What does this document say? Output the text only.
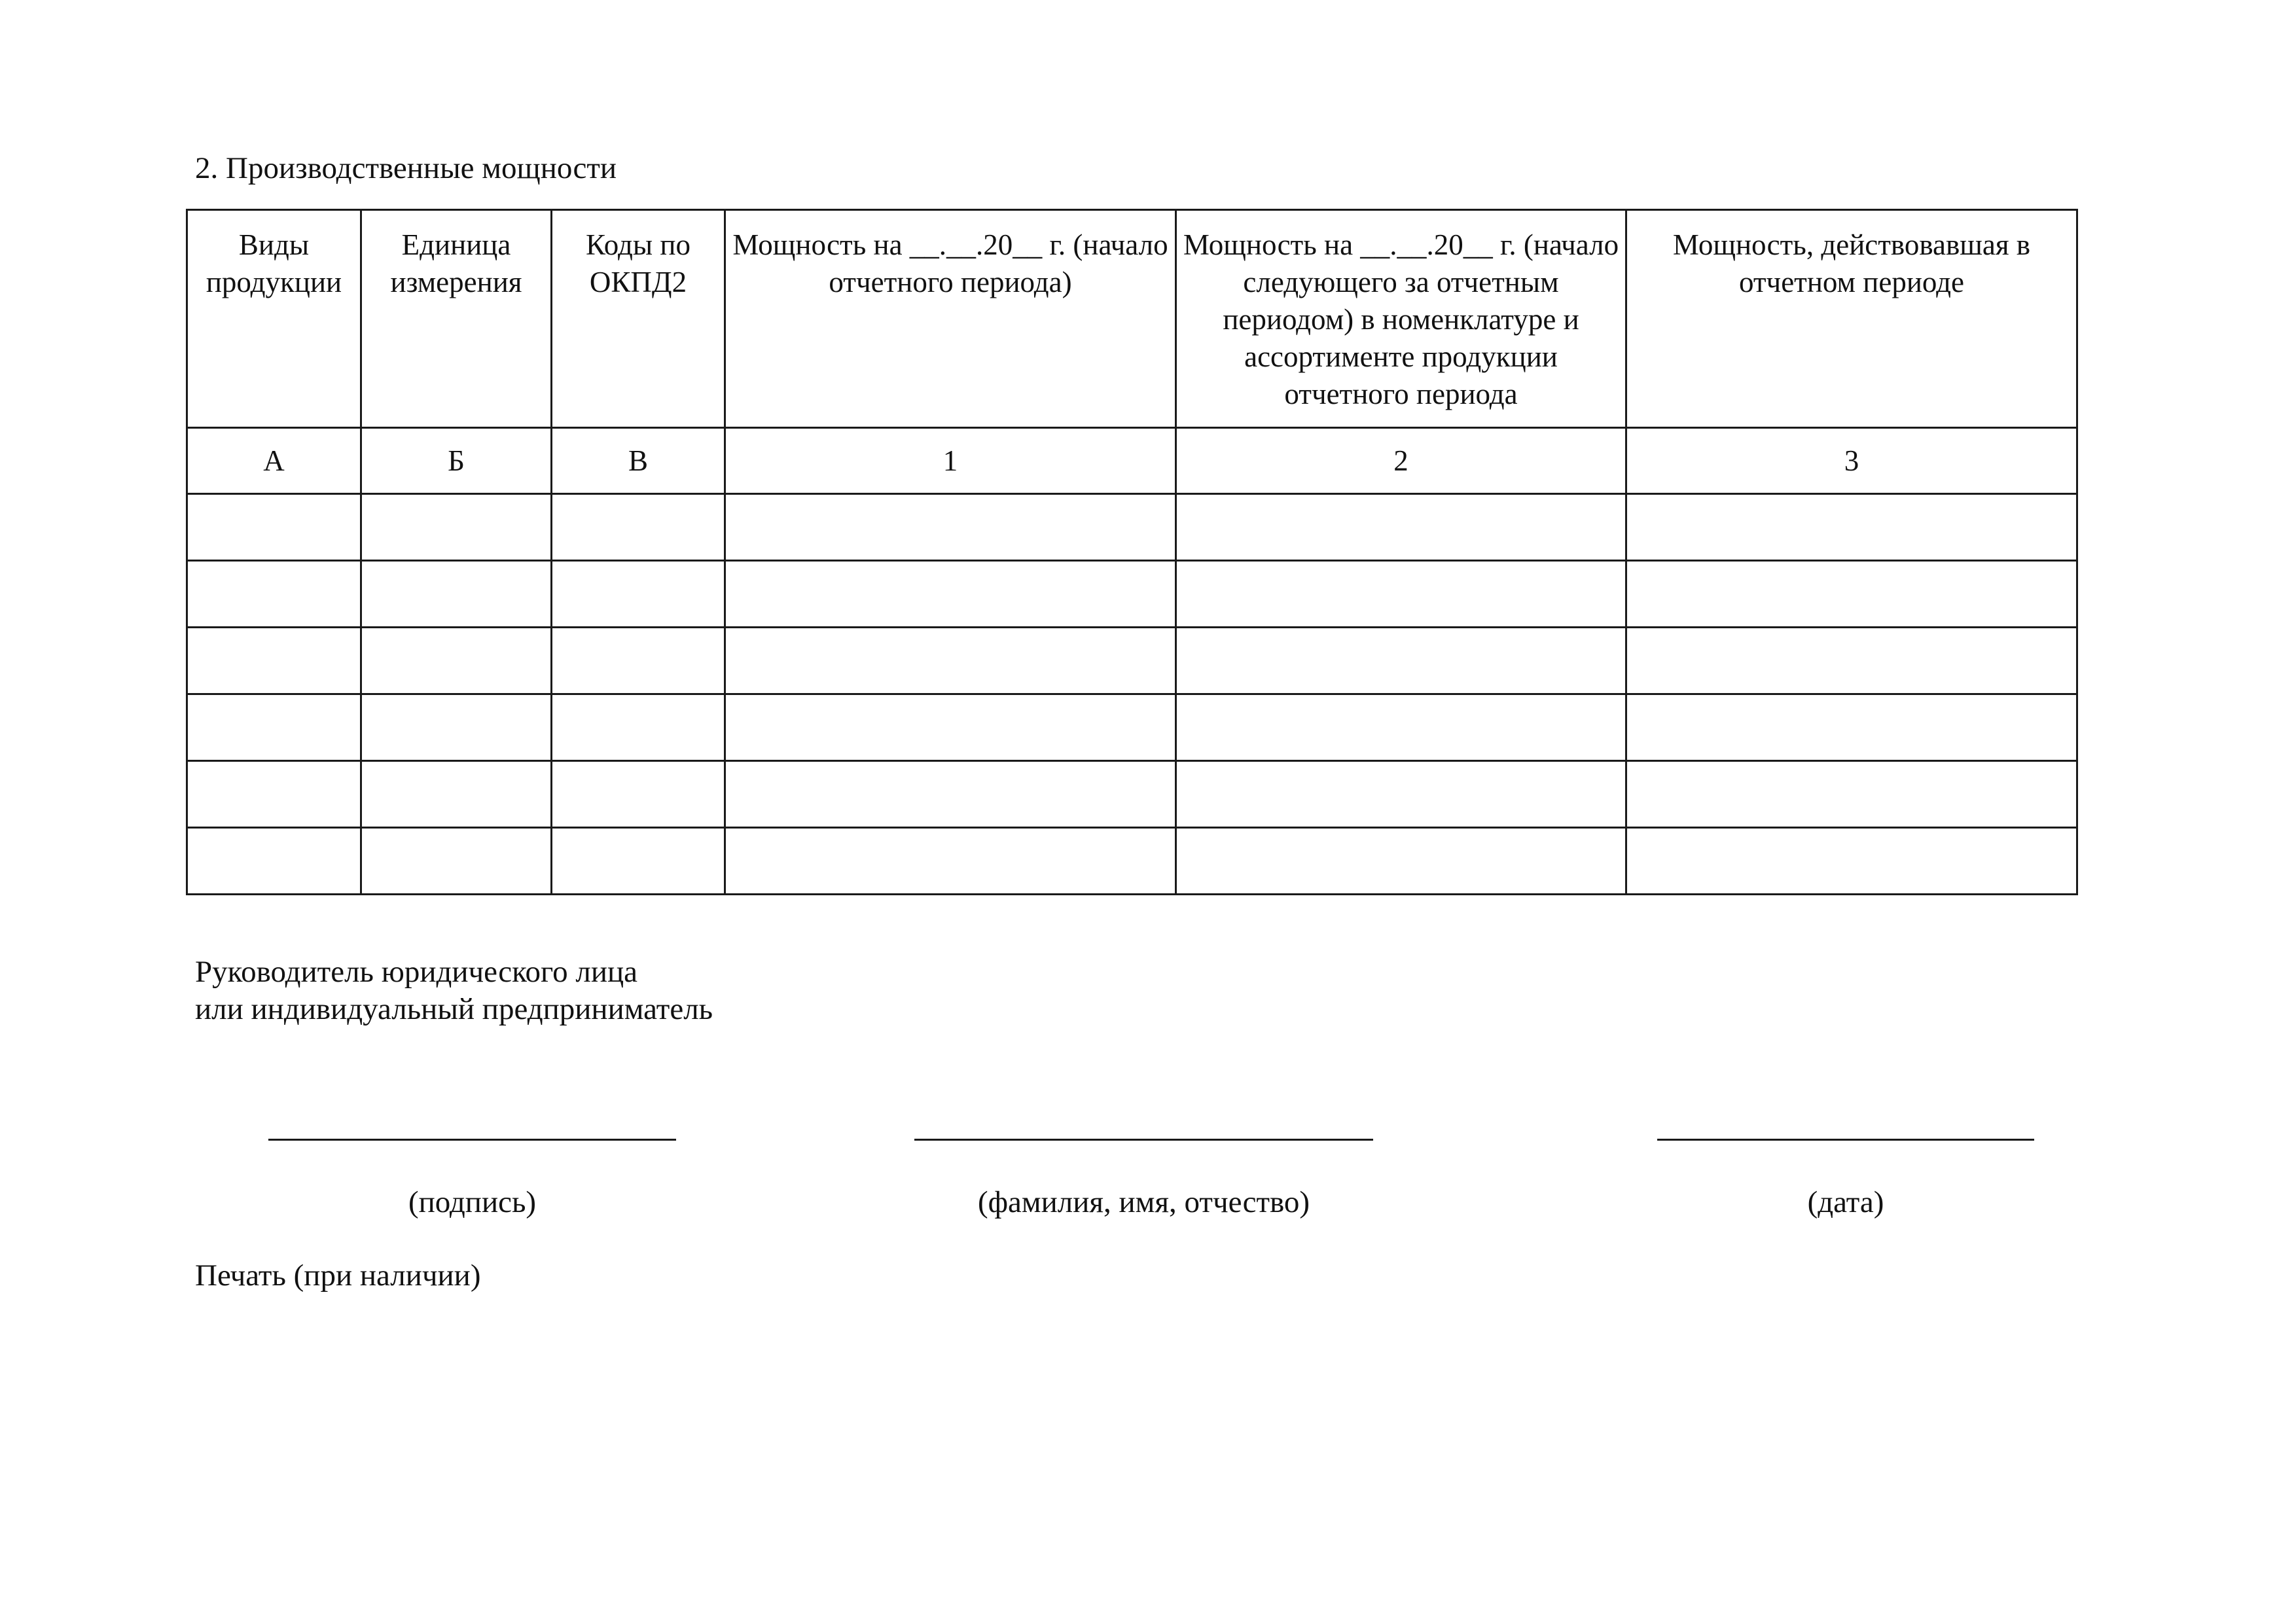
2. Производственные мощности
Виды продукции	Единица измерения	Коды по ОКПД2	Мощность на __.__.20__ г. (начало отчетного периода)	Мощность на __.__.20__ г. (начало следующего за отчетным периодом) в номенклатуре и ассортименте продукции отчетного периода	Мощность, действовавшая в отчетном периоде
А	Б	В	1	2	3

Руководитель юридического лица
или индивидуальный предприниматель
(подпись)	(фамилия, имя, отчество)	(дата)
Печать (при наличии)
